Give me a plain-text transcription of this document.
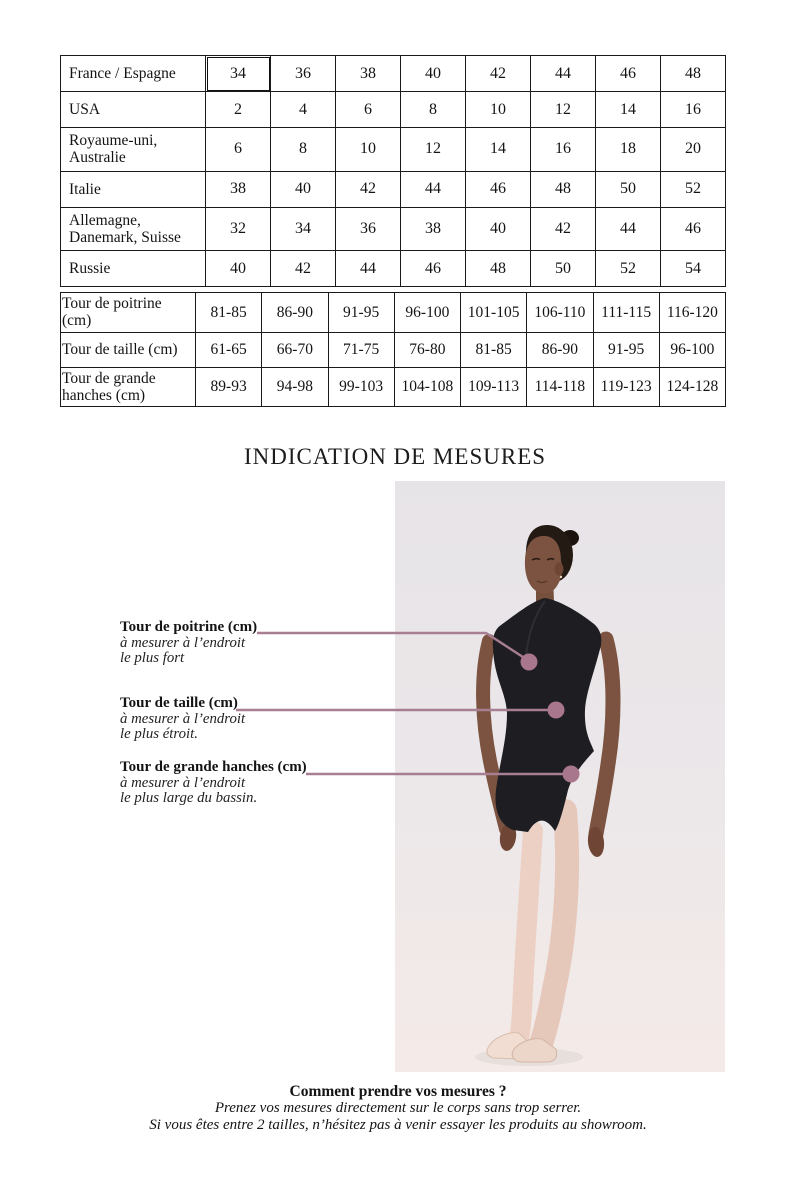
France / Espagne	34	36	38	40	42	44	46	48
USA	2	4	6	8	10	12	14	16
Royaume-uni, Australie	6	8	10	12	14	16	18	20
Italie	38	40	42	44	46	48	50	52
Allemagne, Danemark, Suisse	32	34	36	38	40	42	44	46
Russie	40	42	44	46	48	50	52	54
Tour de poitrine (cm)	81-85	86-90	91-95	96-100	101-105	106-110	111-115	116-120
Tour de taille (cm)	61-65	66-70	71-75	76-80	81-85	86-90	91-95	96-100
Tour de grande hanches (cm)	89-93	94-98	99-103	104-108	109-113	114-118	119-123	124-128
INDICATION DE MESURES
Tour de poitrine (cm)
à mesurer à l’endroit
le plus fort
Tour de taille (cm)
à mesurer à l’endroit
le plus étroit.
Tour de grande hanches (cm)
à mesurer à l’endroit
le plus large du bassin.
Comment prendre vos mesures ?
Prenez vos mesures directement sur le corps sans trop serrer.
Si vous êtes entre 2 tailles, n’hésitez pas à venir essayer les produits au showroom.
